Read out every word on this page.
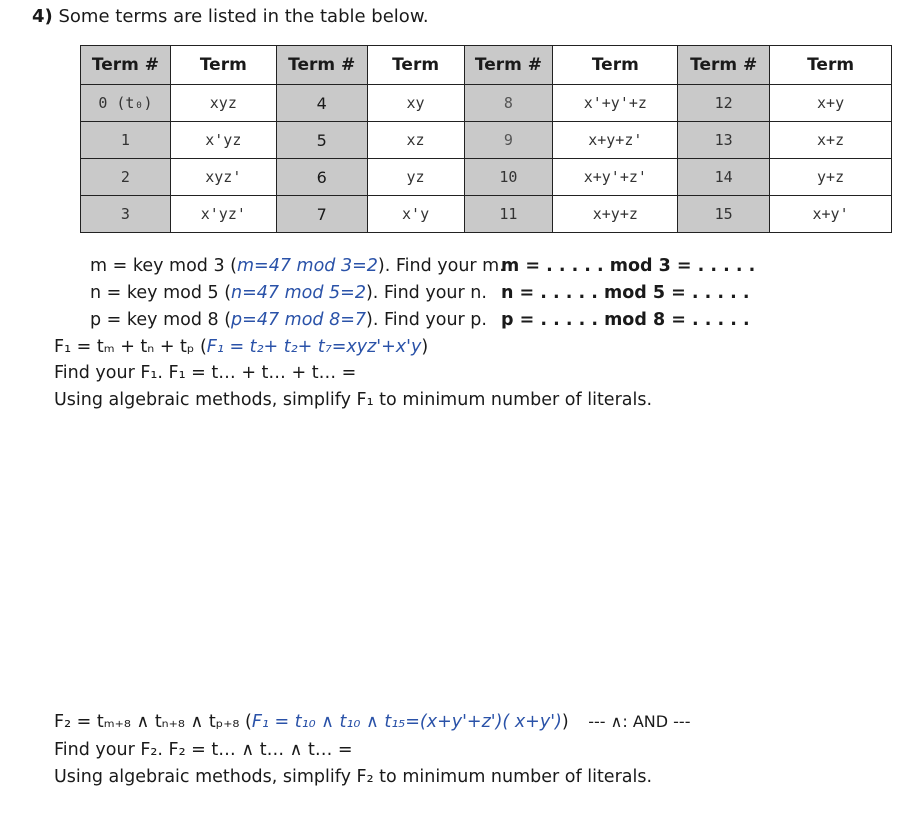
4) Some terms are listed in the table below.
Term #	Term	Term #	Term	Term #	Term	Term #	Term
0 (t₀)	xyz	4	xy	8	x'+y'+z	12	x+y
1	x'yz	5	xz	9	x+y+z'	13	x+z
2	xyz'	6	yz	10	x+y'+z'	14	y+z
3	x'yz'	7	x'y	11	x+y+z	15	x+y'
m = key mod 3 (m=47 mod 3=2). Find your m.
m = . . . . . mod 3 = . . . . .
n = key mod 5 (n=47 mod 5=2). Find your n. n = . . . . . mod 5 = . . . . .
p = key mod 8 (p=47 mod 8=7). Find your p. p = . . . . . mod 8 = . . . . .
F₁ = tₘ + tₙ + tₚ (F₁ = t₂+ t₂+ t₇=xyz'+x'y)
Find your F₁. F₁ = t… + t… + t… =
Using algebraic methods, simplify F₁ to minimum number of literals.
F₂ = tₘ₊₈ ∧ tₙ₊₈ ∧ tₚ₊₈ (F₁ = t₁₀ ∧ t₁₀ ∧ t₁₅=(x+y'+z')( x+y')) --- ∧: AND ---
Find your F₂. F₂ = t… ∧ t… ∧ t… =
Using algebraic methods, simplify F₂ to minimum number of literals.
